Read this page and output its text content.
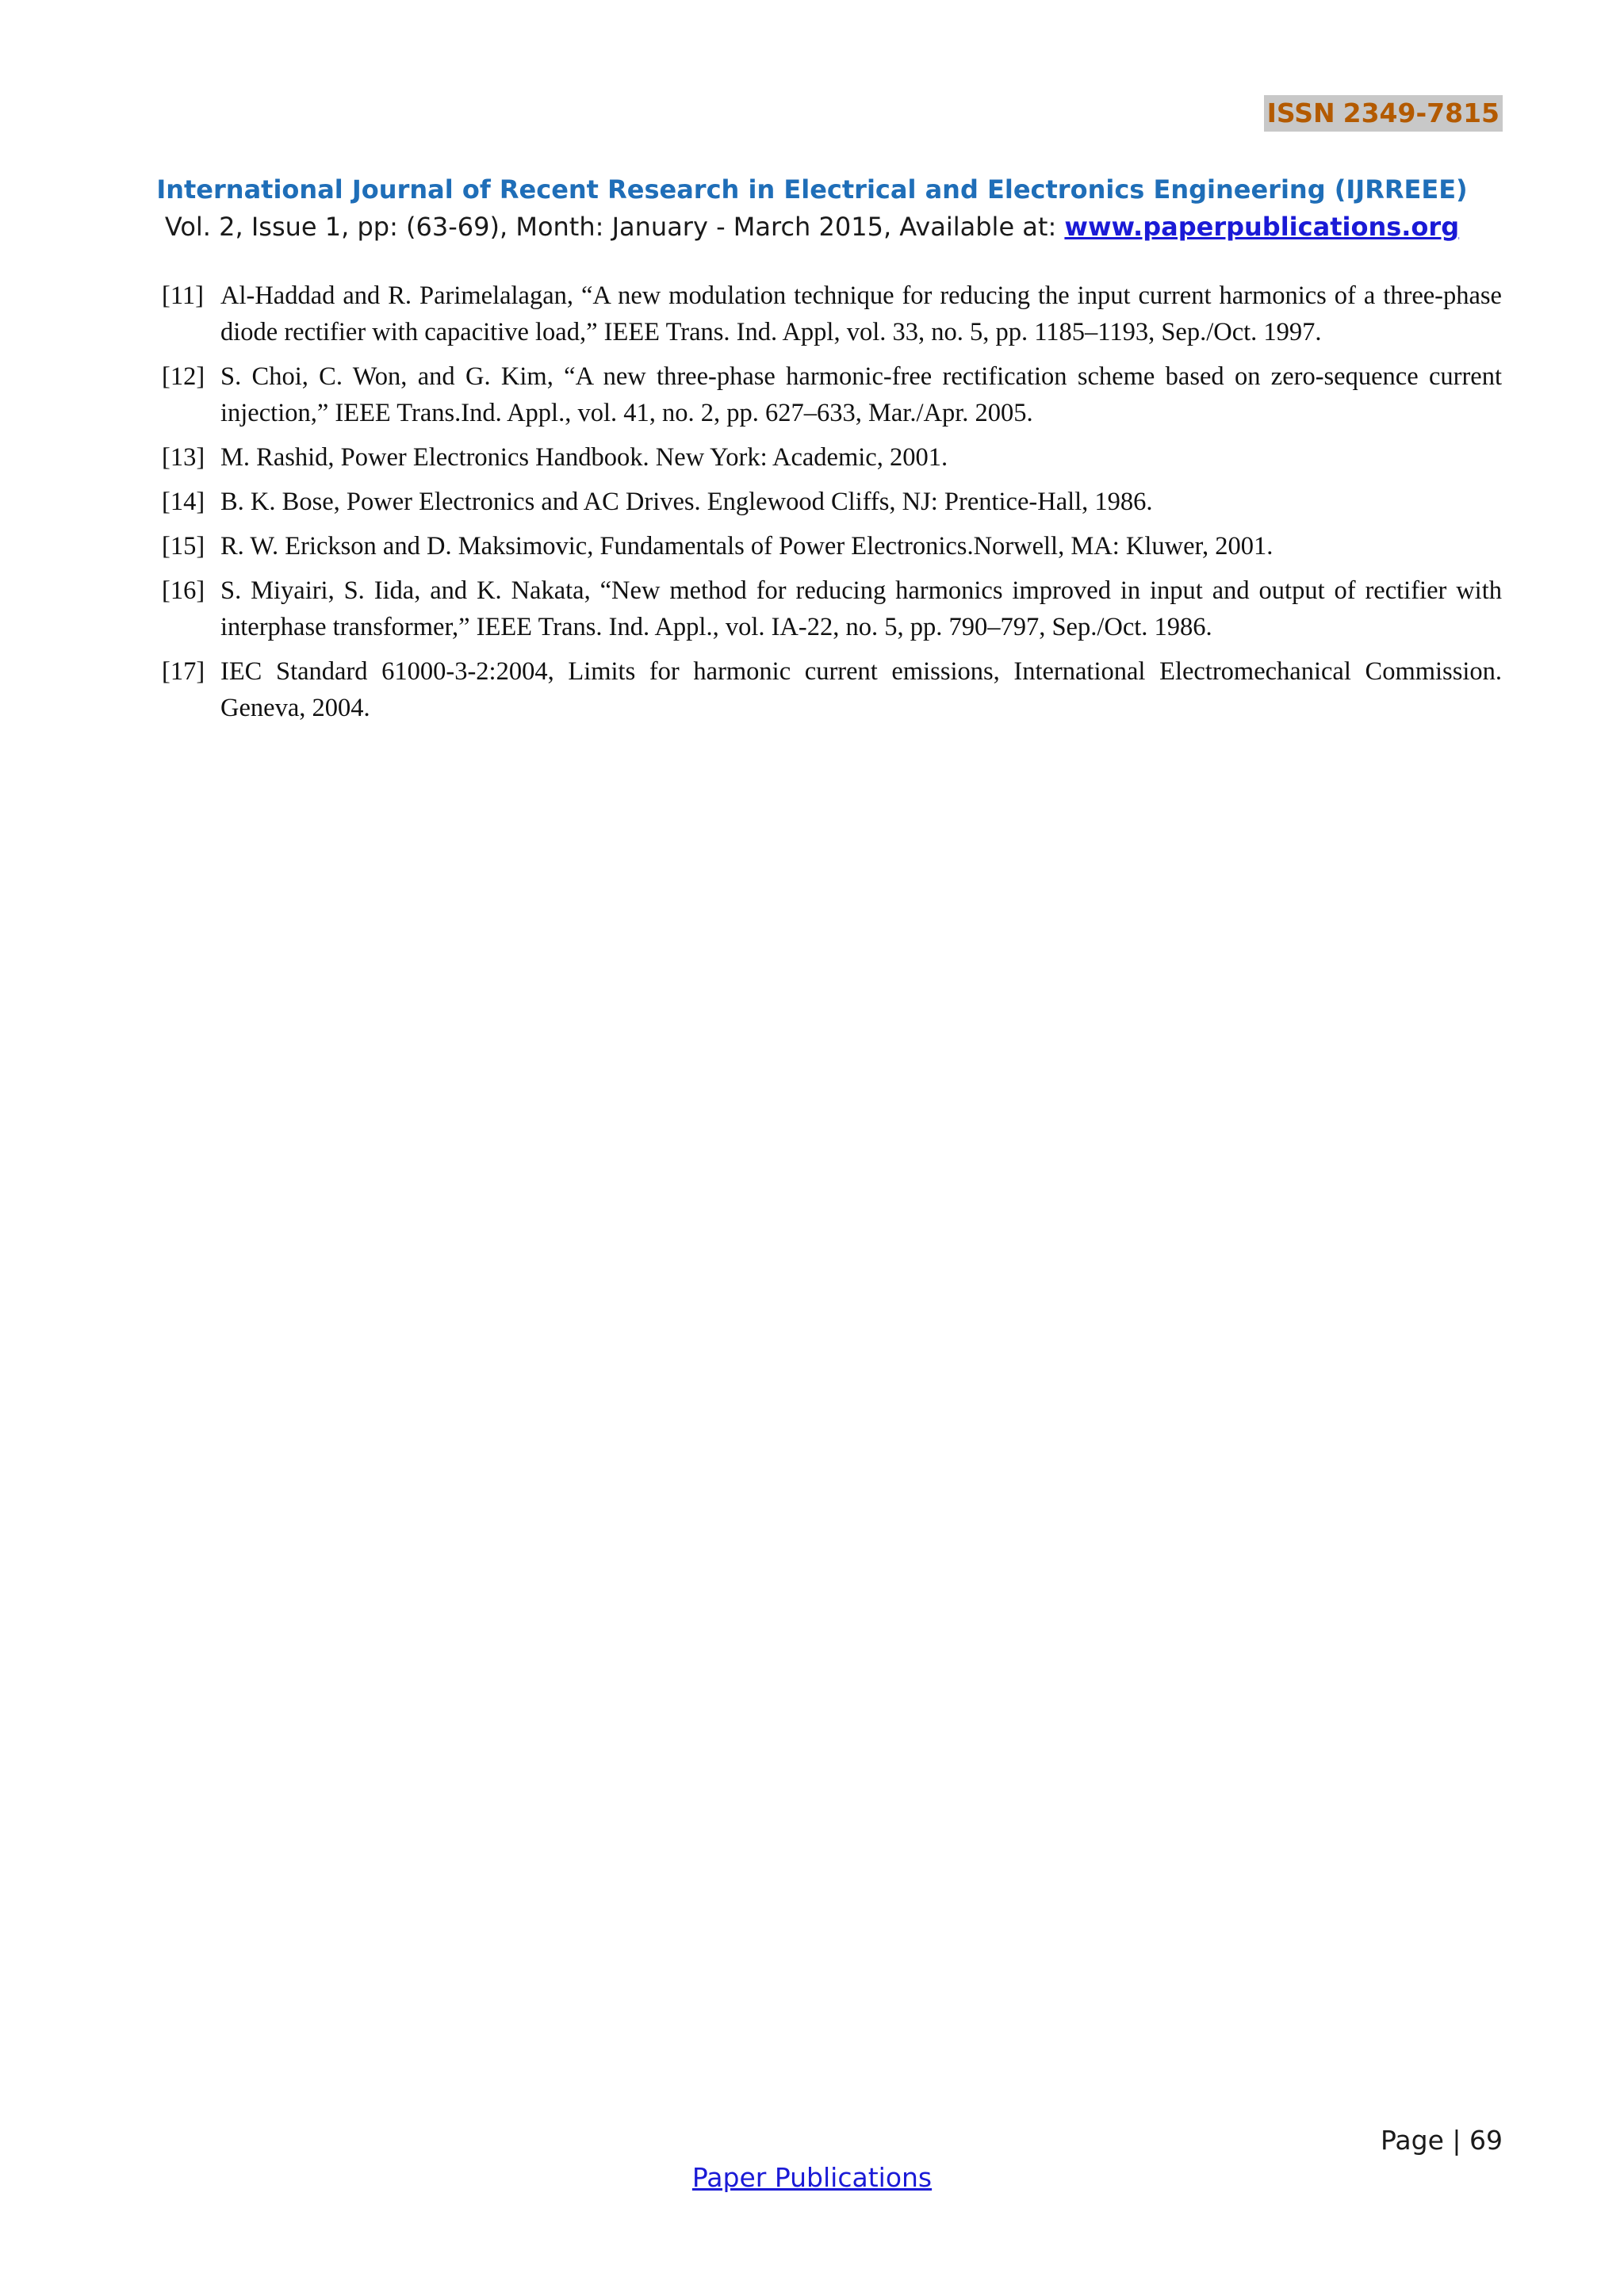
ISSN 2349-7815
International Journal of Recent Research in Electrical and Electronics Engineering (IJRREEE)
Vol. 2, Issue 1, pp: (63-69), Month: January - March 2015, Available at: www.paperpublications.org
[11] Al-Haddad and R. Parimelalagan, “A new modulation technique for reducing the input current harmonics of a three-phase diode rectifier with capacitive load,” IEEE Trans. Ind. Appl, vol. 33, no. 5, pp. 1185–1193, Sep./Oct. 1997.
[12] S. Choi, C. Won, and G. Kim, “A new three-phase harmonic-free rectification scheme based on zero-sequence current injection,” IEEE Trans.Ind. Appl., vol. 41, no. 2, pp. 627–633, Mar./Apr. 2005.
[13] M. Rashid, Power Electronics Handbook. New York: Academic, 2001.
[14] B. K. Bose, Power Electronics and AC Drives. Englewood Cliffs, NJ: Prentice-Hall, 1986.
[15] R. W. Erickson and D. Maksimovic, Fundamentals of Power Electronics.Norwell, MA: Kluwer, 2001.
[16] S. Miyairi, S. Iida, and K. Nakata, “New method for reducing harmonics improved in input and output of rectifier with interphase transformer,” IEEE Trans. Ind. Appl., vol. IA-22, no. 5, pp. 790–797, Sep./Oct. 1986.
[17] IEC Standard 61000-3-2:2004, Limits for harmonic current emissions, International Electromechanical Commission. Geneva, 2004.
Page | 69
Paper Publications
